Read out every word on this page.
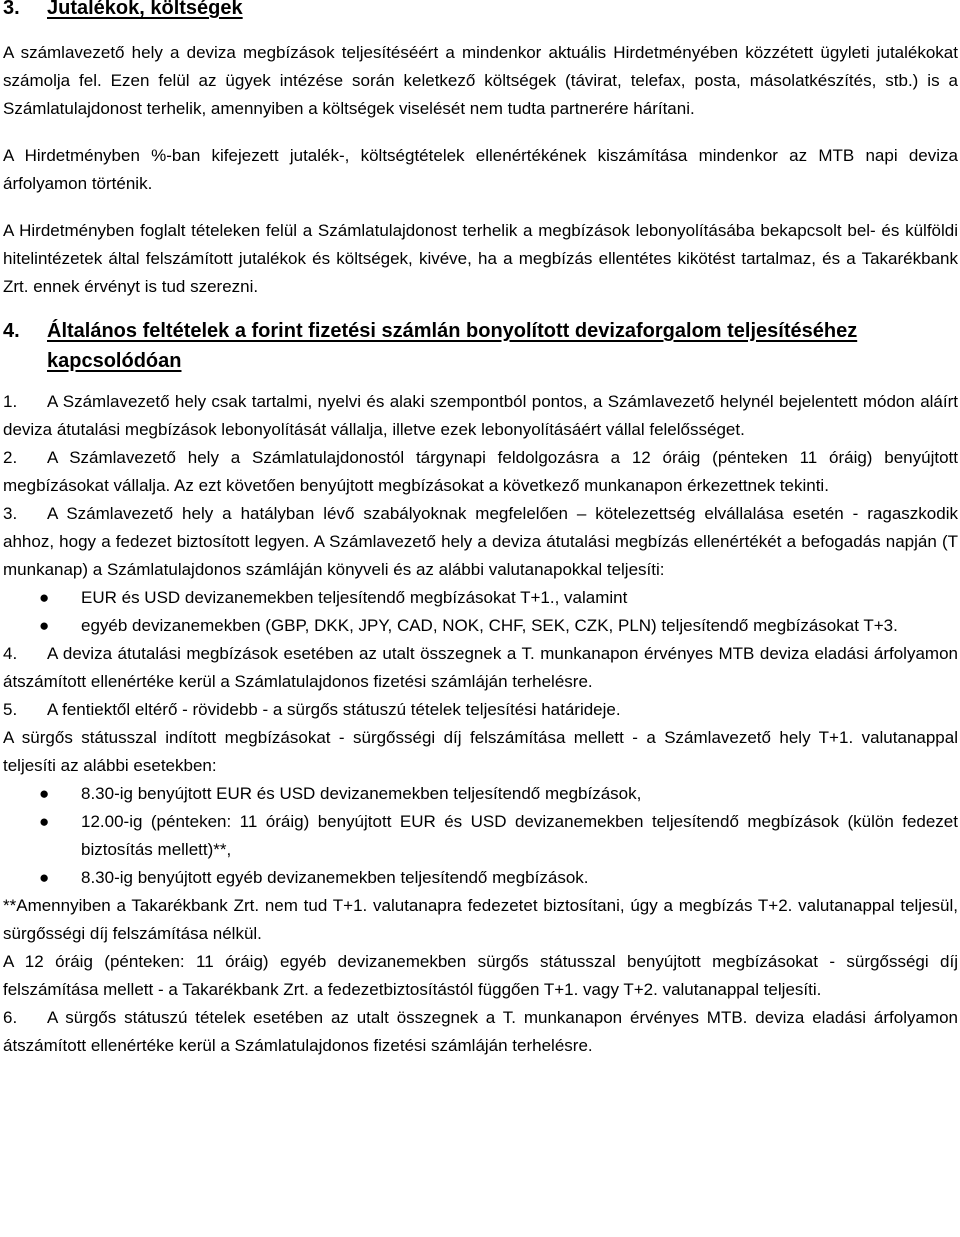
3.	Jutalékok, költségek

A számlavezető hely a deviza megbízások teljesítéséért a mindenkor aktuális Hirdetményében közzétett ügyleti jutalékokat számolja fel. Ezen felül az ügyek intézése során keletkező költségek (távirat, telefax, posta, másolatkészítés, stb.) is a Számlatulajdonost terhelik, amennyiben a költségek viselését nem tudta partnerére hárítani.

A Hirdetményben %-ban kifejezett jutalék-, költségtételek ellenértékének kiszámítása mindenkor az MTB napi deviza árfolyamon történik.

A Hirdetményben foglalt tételeken felül a Számlatulajdonost terhelik a megbízások lebonyolításába bekapcsolt bel- és külföldi hitelintézetek által felszámított jutalékok és költségek, kivéve, ha a megbízás ellentétes kikötést tartalmaz, és a Takarékbank Zrt. ennek érvényt is tud szerezni.

4.	Általános feltételek a forint fizetési számlán bonyolított devizaforgalom teljesítéséhez kapcsolódóan
1.	A Számlavezető hely csak tartalmi, nyelvi és alaki szempontból pontos, a Számlavezető helynél bejelentett módon aláírt deviza átutalási megbízások lebonyolítását vállalja, illetve ezek lebonyolításáért vállal felelősséget.
2.	A Számlavezető hely a Számlatulajdonostól tárgynapi feldolgozásra a 12 óráig (pénteken 11 óráig) benyújtott megbízásokat vállalja. Az ezt követően benyújtott megbízásokat a következő munkanapon érkezettnek tekinti.
3.	A Számlavezető hely a hatályban lévő szabályoknak megfelelően – kötelezettség elvállalása esetén - ragaszkodik ahhoz, hogy a fedezet biztosított legyen. A Számlavezető hely a deviza átutalási megbízás ellenértékét a befogadás napján (T munkanap) a Számlatulajdonos számláján könyveli és az alábbi valutanapokkal teljesíti:
●	EUR és USD devizanemekben teljesítendő megbízásokat T+1., valamint
●	egyéb devizanemekben (GBP, DKK, JPY, CAD, NOK, CHF, SEK, CZK, PLN) teljesítendő megbízásokat T+3.
4.	A deviza átutalási megbízások esetében az utalt összegnek a T. munkanapon érvényes MTB deviza eladási árfolyamon átszámított ellenértéke kerül a Számlatulajdonos fizetési számláján terhelésre.
5.	A fentiektől eltérő - rövidebb - a sürgős státuszú tételek teljesítési határideje.

A sürgős státusszal indított megbízásokat - sürgősségi díj felszámítása mellett - a Számlavezető hely T+1. valutanappal teljesíti az alábbi esetekben:

●	8.30-ig benyújtott EUR és USD devizanemekben teljesítendő megbízások,
●	12.00-ig (pénteken: 11 óráig) benyújtott EUR és USD devizanemekben teljesítendő megbízások (külön fedezet biztosítás mellett)**,
●	8.30-ig benyújtott egyéb devizanemekben teljesítendő megbízások.

**Amennyiben a Takarékbank Zrt. nem tud T+1. valutanapra fedezetet biztosítani, úgy a megbízás T+2. valutanappal teljesül, sürgősségi díj felszámítása nélkül.

A 12 óráig (pénteken: 11 óráig) egyéb devizanemekben sürgős státusszal benyújtott megbízásokat - sürgősségi díj felszámítása mellett - a Takarékbank Zrt. a fedezetbiztosítástól függően T+1. vagy T+2. valutanappal teljesíti.

6.	A sürgős státuszú tételek esetében az utalt összegnek a T. munkanapon érvényes MTB. deviza eladási árfolyamon átszámított ellenértéke kerül a Számlatulajdonos fizetési számláján terhelésre.
